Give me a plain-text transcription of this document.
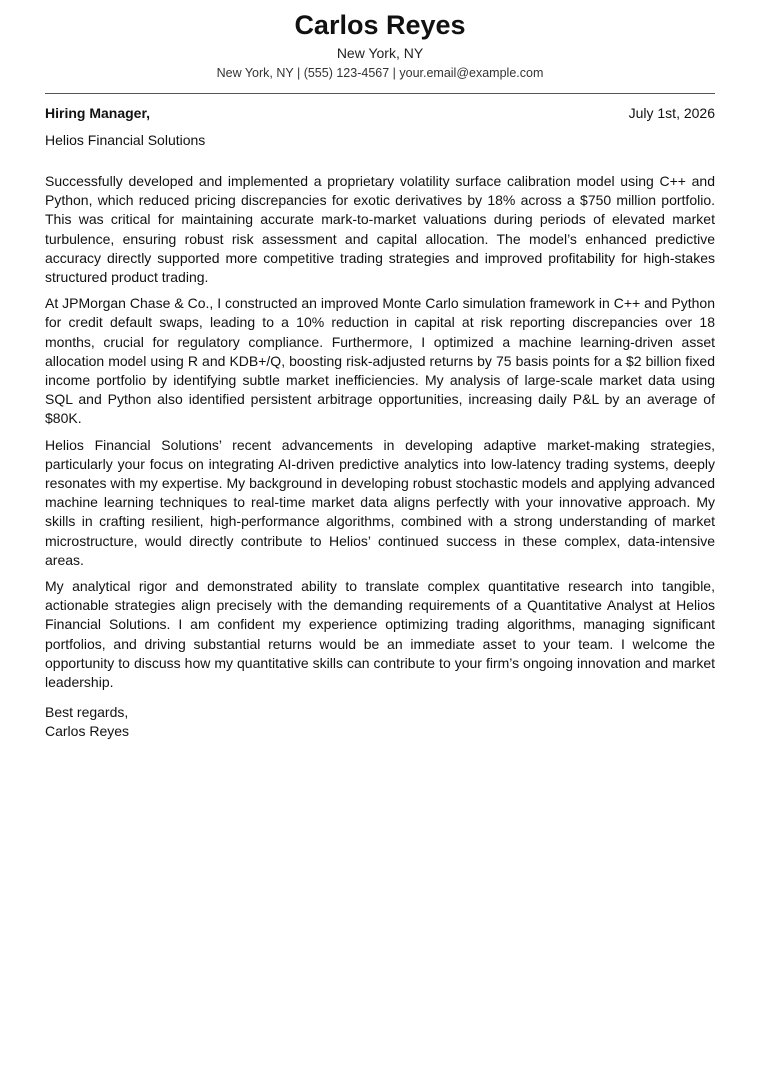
Carlos Reyes
New York, NY
New York, NY | (555) 123-4567 | your.email@example.com
Hiring Manager,	July 1st, 2026
Helios Financial Solutions

Successfully developed and implemented a proprietary volatility surface calibration model using C++ and Python, which reduced pricing discrepancies for exotic derivatives by 18% across a $750 million portfolio. This was critical for maintaining accurate mark-to-market valuations during periods of elevated market turbulence, ensuring robust risk assessment and capital allocation. The model’s enhanced predictive accuracy directly supported more competitive trading strategies and improved profitability for high-stakes structured product trading.

At JPMorgan Chase & Co., I constructed an improved Monte Carlo simulation framework in C++ and Python for credit default swaps, leading to a 10% reduction in capital at risk reporting discrepancies over 18 months, crucial for regulatory compliance. Furthermore, I optimized a machine learning-driven asset allocation model using R and KDB+/Q, boosting risk-adjusted returns by 75 basis points for a $2 billion fixed income portfolio by identifying subtle market inefficiencies. My analysis of large-scale market data using SQL and Python also identified persistent arbitrage opportunities, increasing daily P&L by an average of $80K.

Helios Financial Solutions’ recent advancements in developing adaptive market-making strategies, particularly your focus on integrating AI-driven predictive analytics into low-latency trading systems, deeply resonates with my expertise. My background in developing robust stochastic models and applying advanced machine learning techniques to real-time market data aligns perfectly with your innovative approach. My skills in crafting resilient, high-performance algorithms, combined with a strong understanding of market microstructure, would directly contribute to Helios’ continued success in these complex, data-intensive areas.

My analytical rigor and demonstrated ability to translate complex quantitative research into tangible, actionable strategies align precisely with the demanding requirements of a Quantitative Analyst at Helios Financial Solutions. I am confident my experience optimizing trading algorithms, managing significant portfolios, and driving substantial returns would be an immediate asset to your team. I welcome the opportunity to discuss how my quantitative skills can contribute to your firm’s ongoing innovation and market leadership.

Best regards,
Carlos Reyes
